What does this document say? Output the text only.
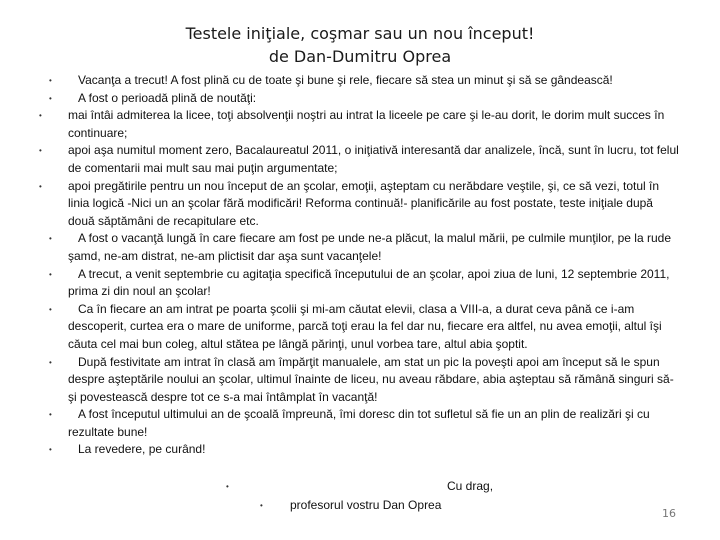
Testele iniţiale, coşmar sau un nou început!
de Dan-Dumitru Oprea
• Vacanţa a trecut! A fost plină cu de toate şi bune şi rele, fiecare să stea un minut şi să se gândească!
• A fost o perioadă plină de noutăţi:
• mai întâi admiterea la licee, toţi absolvenţii noştri au intrat la liceele pe care şi le-au dorit, le dorim mult succes în continuare;
• apoi aşa numitul moment zero, Bacalaureatul 2011, o iniţiativă interesantă dar analizele, încă, sunt în lucru, tot felul de comentarii mai mult sau mai puţin argumentate;
• apoi pregătirile pentru un nou început de an şcolar, emoţii, aşteptam cu nerăbdare veştile, şi, ce să vezi, totul în linia logică -Nici un an şcolar fără modificări! Reforma continuă!- planificările au fost postate, teste iniţiale după două săptămâni de recapitulare etc.
• A fost o vacanţă lungă în care fiecare am fost pe unde ne-a plăcut, la malul mării, pe culmile munţilor, pe la rude şamd, ne-am distrat, ne-am plictisit dar aşa sunt vacanţele!
• A trecut, a venit septembrie cu agitaţia specifică începutului de an şcolar, apoi ziua de luni, 12 septembrie 2011, prima zi din noul an şcolar!
• Ca în fiecare an am intrat pe poarta şcolii şi mi-am căutat elevii, clasa a VIII-a, a durat ceva până ce i-am descoperit, curtea era o mare de uniforme, parcă toţi erau la fel dar nu, fiecare era altfel, nu avea emoţii, altul îşi căuta cel mai bun coleg, altul stătea pe lângă părinţi, unul vorbea tare, altul abia şoptit.
• După festivitate am intrat în clasă am împărţit manualele, am stat un pic la poveşti apoi am început să le spun despre aşteptările noului an şcolar, ultimul înainte de liceu, nu aveau răbdare, abia aşteptau să rămână singuri să-şi povestească despre tot ce s-a mai întâmplat în vacanţă!
• A fost începutul ultimului an de şcoală împreună, îmi doresc din tot sufletul să fie un an plin de realizări şi cu rezultate bune!
• La revedere, pe curând!
• Cu drag,
• profesorul vostru Dan Oprea
16
